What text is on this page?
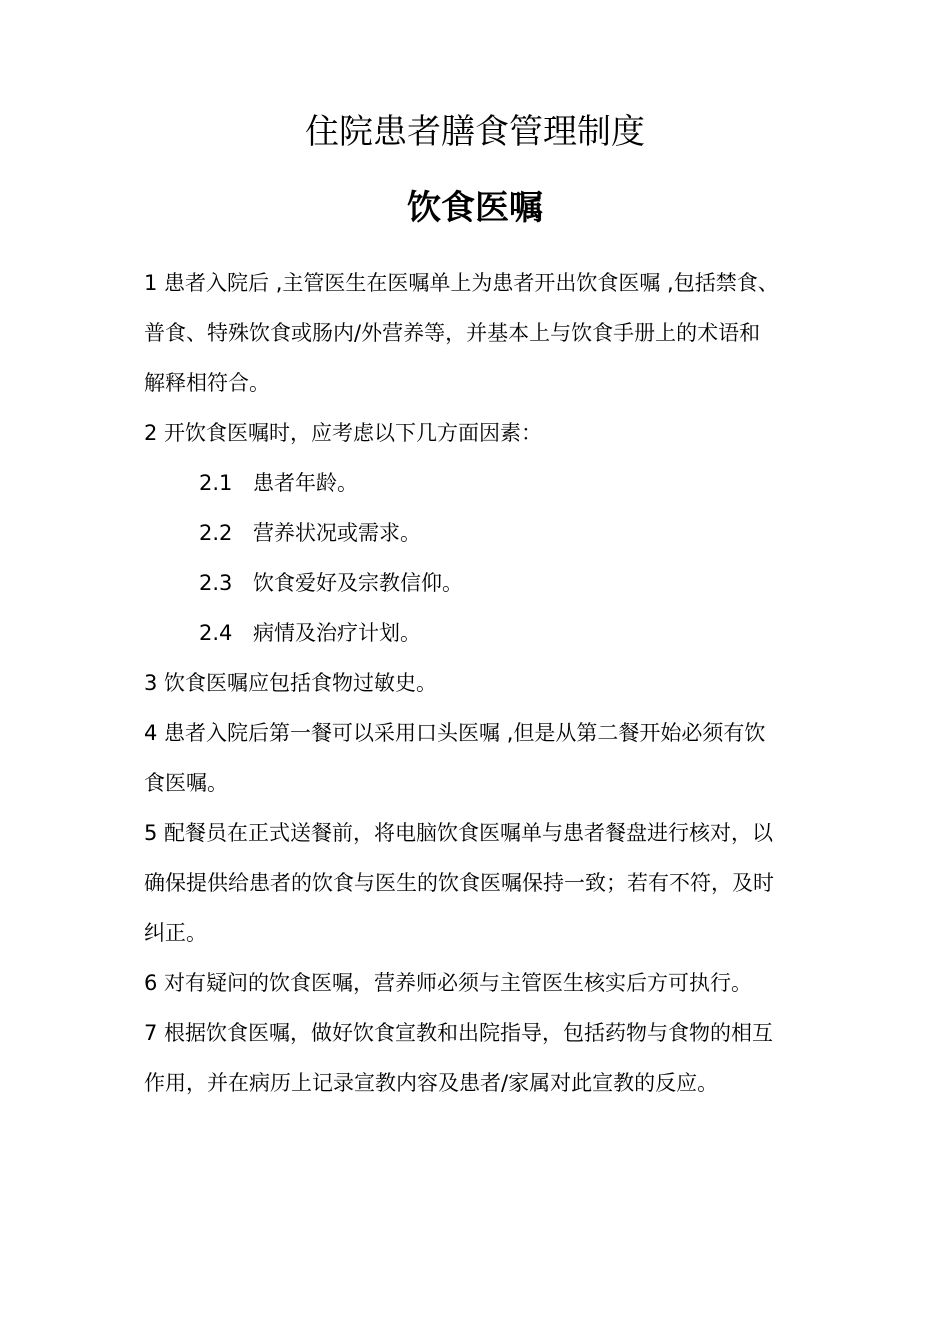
住院患者膳食管理制度
饮食医嘱
1 患者入院后 ,主管医生在医嘱单上为患者开出饮食医嘱 ,包括禁食、
普食、特殊饮食或肠内/外营养等，并基本上与饮食手册上的术语和
解释相符合。
2 开饮食医嘱时，应考虑以下几方面因素：
2.1 患者年龄。
2.2 营养状况或需求。
2.3 饮食爱好及宗教信仰。
2.4 病情及治疗计划。
3 饮食医嘱应包括食物过敏史。
4 患者入院后第一餐可以采用口头医嘱 ,但是从第二餐开始必须有饮
食医嘱。
5 配餐员在正式送餐前，将电脑饮食医嘱单与患者餐盘进行核对，以
确保提供给患者的饮食与医生的饮食医嘱保持一致；若有不符，及时
纠正。
6 对有疑问的饮食医嘱，营养师必须与主管医生核实后方可执行。
7 根据饮食医嘱，做好饮食宣教和出院指导，包括药物与食物的相互
作用，并在病历上记录宣教内容及患者/家属对此宣教的反应。
